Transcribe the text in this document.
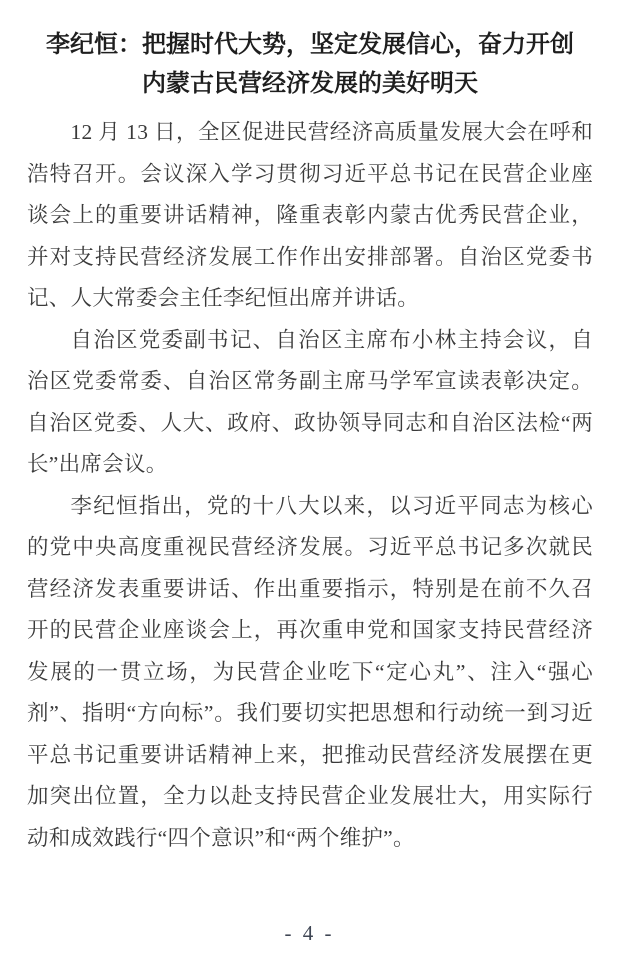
李纪恒：把握时代大势，坚定发展信心，奋力开创
内蒙古民营经济发展的美好明天

12 月 13 日，全区促进民营经济高质量发展大会在呼和浩特召开。会议深入学习贯彻习近平总书记在民营企业座谈会上的重要讲话精神，隆重表彰内蒙古优秀民营企业，并对支持民营经济发展工作作出安排部署。自治区党委书记、人大常委会主任李纪恒出席并讲话。

自治区党委副书记、自治区主席布小林主持会议，自治区党委常委、自治区常务副主席马学军宣读表彰决定。自治区党委、人大、政府、政协领导同志和自治区法检“两长”出席会议。

李纪恒指出，党的十八大以来，以习近平同志为核心的党中央高度重视民营经济发展。习近平总书记多次就民营经济发表重要讲话、作出重要指示，特别是在前不久召开的民营企业座谈会上，再次重申党和国家支持民营经济发展的一贯立场，为民营企业吃下“定心丸”、注入“强心剂”、指明“方向标”。我们要切实把思想和行动统一到习近平总书记重要讲话精神上来，把推动民营经济发展摆在更加突出位置，全力以赴支持民营企业发展壮大，用实际行动和成效践行“四个意识”和“两个维护”。

- 4 -
